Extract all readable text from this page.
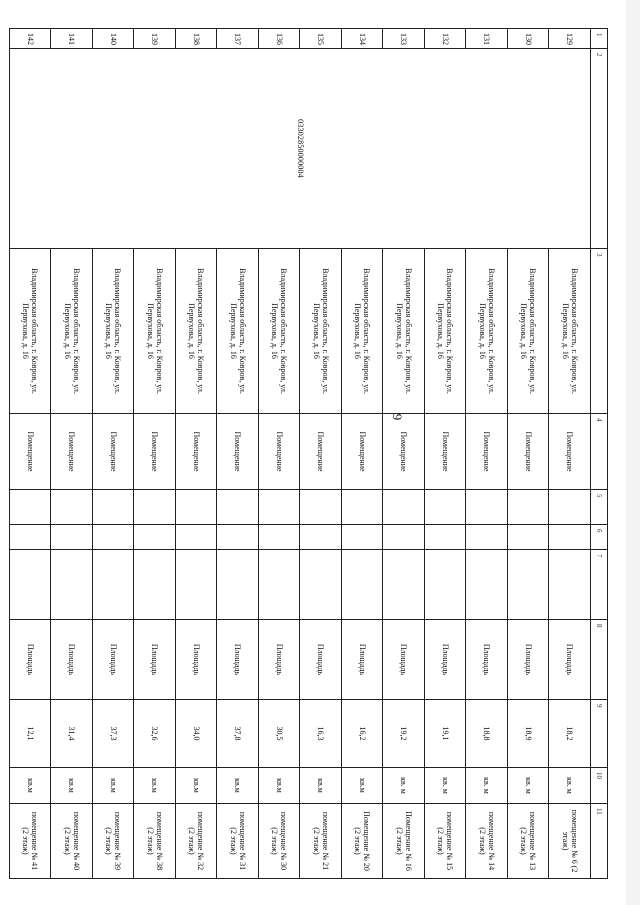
1	2	3	4	5	6	7	8	9	10	11
129	03302850000004	Владимирская область, г. Ковров, ул. Первухова, д. 16	Помещение				Площадь	18,2	кв. м	помещение № 6 (2 этаж)
130		Владимирская область, г. Ковров, ул. Первухова, д. 16	Помещение				Площадь	18,9	кв. м	помещение № 13 (2 этаж)
131		Владимирская область, г. Ковров, ул. Первухова, д. 16	Помещение				Площадь	18,8	кв. м	помещение № 14 (2 этаж)
132		Владимирская область, г. Ковров, ул. Первухова, д. 16	Помещение				Площадь	19,1	кв. м	помещение № 15 (2 этаж)
133		Владимирская область, г. Ковров, ул. Первухова, д. 16	Помещение				Площадь	19,2	кв. м	Помещение № 16 (2 этаж)
134		Владимирская область, г. Ковров, ул. Первухова, д. 16	Помещение				Площадь	16,2	кв.м	Помещение № 20 (2 этаж)
135		Владимирская область, г. Ковров, ул. Первухова, д. 16	Помещение				Площадь	16,3	кв.м	помещение № 21 (2 этаж)
136		Владимирская область, г. Ковров, ул. Первухова, д. 16	Помещение				Площадь	30,5	кв.м	помещение № 30 (2 этаж)
137		Владимирская область, г. Ковров, ул. Первухова, д. 16	Помещение				Площадь	37,8	кв.м	помещение № 31 (2 этаж)
138		Владимирская область, г. Ковров, ул. Первухова, д. 16	Помещение				Площадь	34,0	кв.м	помещение № 32 (2 этаж)
139		Владимирская область, г. Ковров, ул. Первухова, д. 16	Помещение				Площадь	32,6	кв.м	помещение № 38 (2 этаж)
140		Владимирская область, г. Ковров, ул. Первухова, д. 16	Помещение				Площадь	37,3	кв.м	помещение № 39 (2 этаж)
141		Владимирская область, г. Ковров, ул. Первухова, д. 16	Помещение				Площадь	31,4	кв.м	помещение № 40 (2 этаж)
142		Владимирская область, г. Ковров, ул. Первухова, д. 16	Помещение				Площадь	12,1	кв.м	помещение № 41 (2 этаж)
9
